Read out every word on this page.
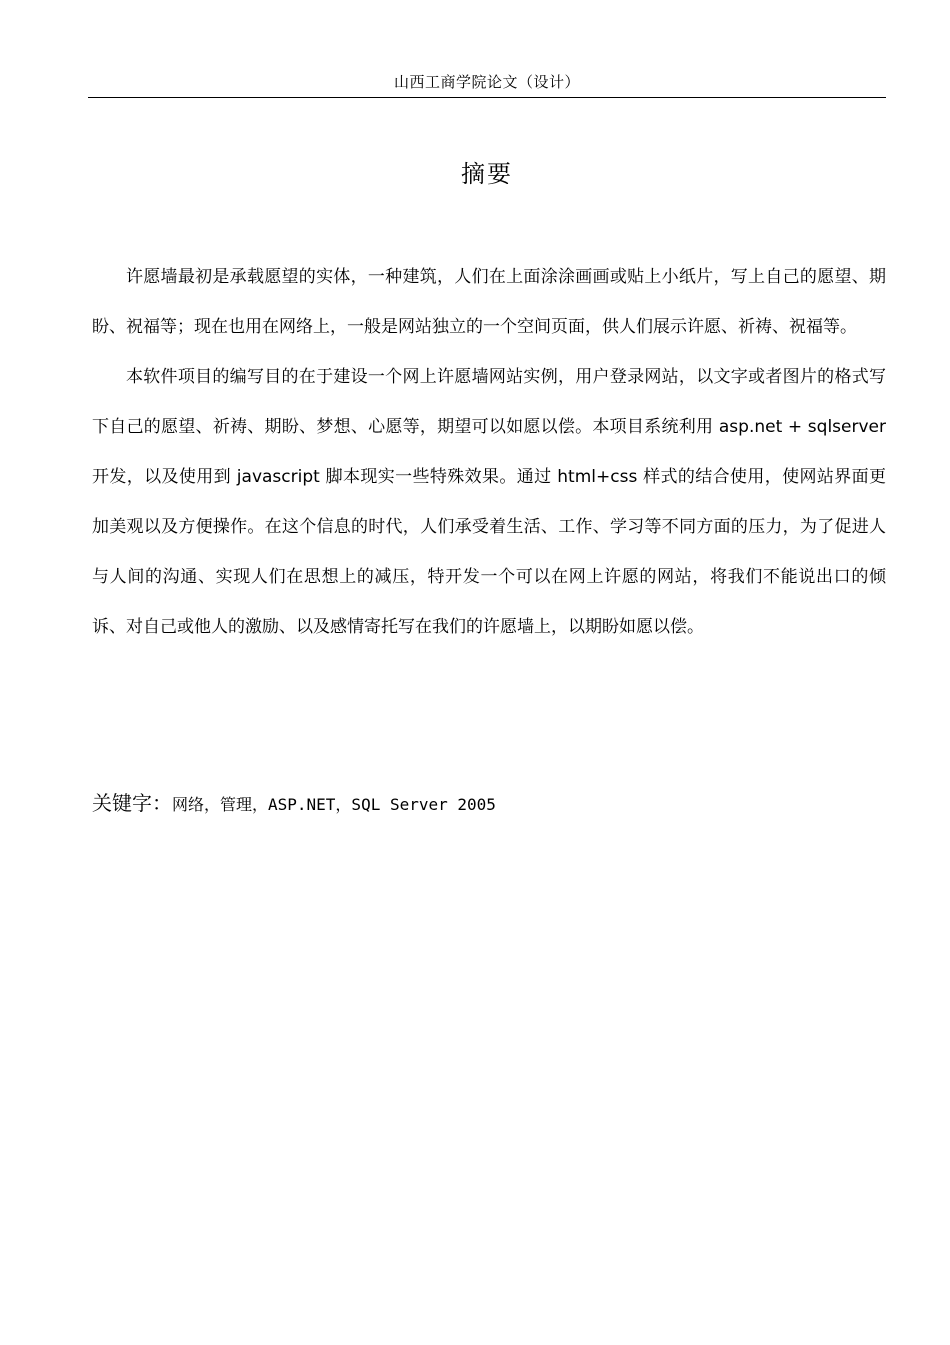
山西工商学院论文（设计）
摘要

许愿墙最初是承载愿望的实体，一种建筑，人们在上面涂涂画画或贴上小纸片，写上自己的愿望、期盼、祝福等；现在也用在网络上，一般是网站独立的一个空间页面，供人们展示许愿、祈祷、祝福等。

本软件项目的编写目的在于建设一个网上许愿墙网站实例，用户登录网站，以文字或者图片的格式写下自己的愿望、祈祷、期盼、梦想、心愿等，期望可以如愿以偿。本项目系统利用 asp.net + sqlserver 开发，以及使用到 javascript 脚本现实一些特殊效果。通过 html+css 样式的结合使用，使网站界面更加美观以及方便操作。在这个信息的时代，人们承受着生活、工作、学习等不同方面的压力，为了促进人与人间的沟通、实现人们在思想上的减压，特开发一个可以在网上许愿的网站，将我们不能说出口的倾诉、对自己或他人的激励、以及感情寄托写在我们的许愿墙上，以期盼如愿以偿。

关键字：网络，管理，ASP.NET，SQL Server 2005
